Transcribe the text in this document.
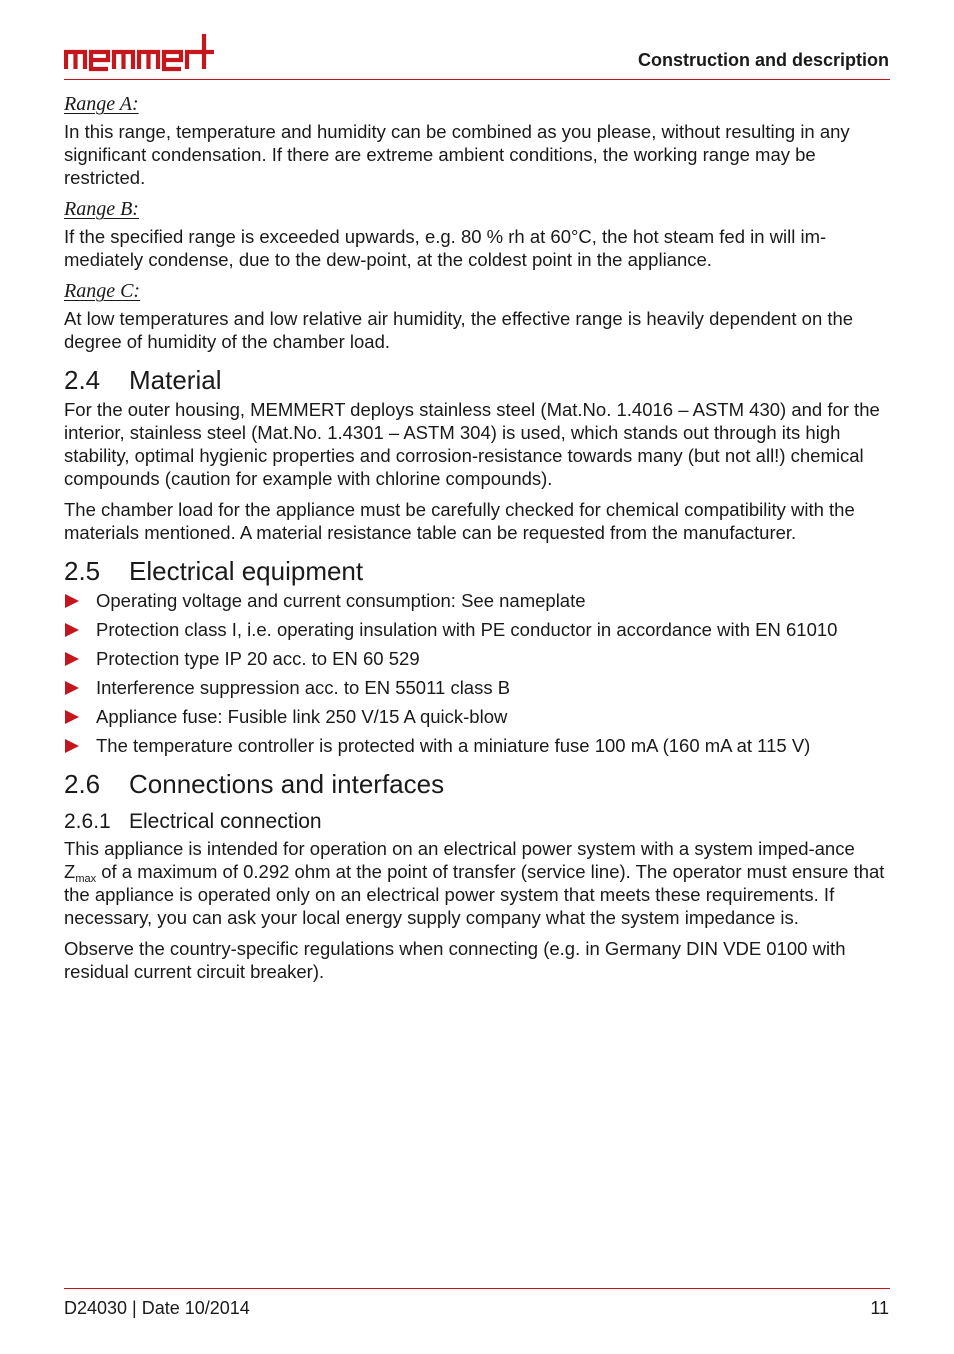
Construction and description
Range A:

In this range, temperature and humidity can be combined as you please, without resulting in any significant condensation. If there are extreme ambient conditions, the working range may be restricted.

Range B:

If the specified range is exceeded upwards, e.g. 80 % rh at 60°C, the hot steam fed in will im-mediately condense, due to the dew-point, at the coldest point in the appliance.

Range C:

At low temperatures and low relative air humidity, the effective range is heavily dependent on the degree of humidity of the chamber load.

2.4 Material

For the outer housing, MEMMERT deploys stainless steel (Mat.No. 1.4016 – ASTM 430) and for the interior, stainless steel (Mat.No. 1.4301 – ASTM 304) is used, which stands out through its high stability, optimal hygienic properties and corrosion-resistance towards many (but not all!) chemical compounds (caution for example with chlorine compounds).

The chamber load for the appliance must be carefully checked for chemical compatibility with the materials mentioned. A material resistance table can be requested from the manufacturer.

2.5 Electrical equipment
Operating voltage and current consumption: See nameplate
Protection class I, i.e. operating insulation with PE conductor in accordance with EN 61010
Protection type IP 20 acc. to EN 60 529
Interference suppression acc. to EN 55011 class B
Appliance fuse: Fusible link 250 V/15 A quick-blow
The temperature controller is protected with a miniature fuse 100 mA (160 mA at 115 V)
2.6 Connections and interfaces
2.6.1 Electrical connection

This appliance is intended for operation on an electrical power system with a system imped-ance $Z_{max}$ of a maximum of 0.292 ohm at the point of transfer (service line). The operator must ensure that the appliance is operated only on an electrical power system that meets these requirements. If necessary, you can ask your local energy supply company what the system impedance is.

Observe the country-specific regulations when connecting (e.g. in Germany DIN VDE 0100 with residual current circuit breaker).

D24030 | Date 10/2014	11
